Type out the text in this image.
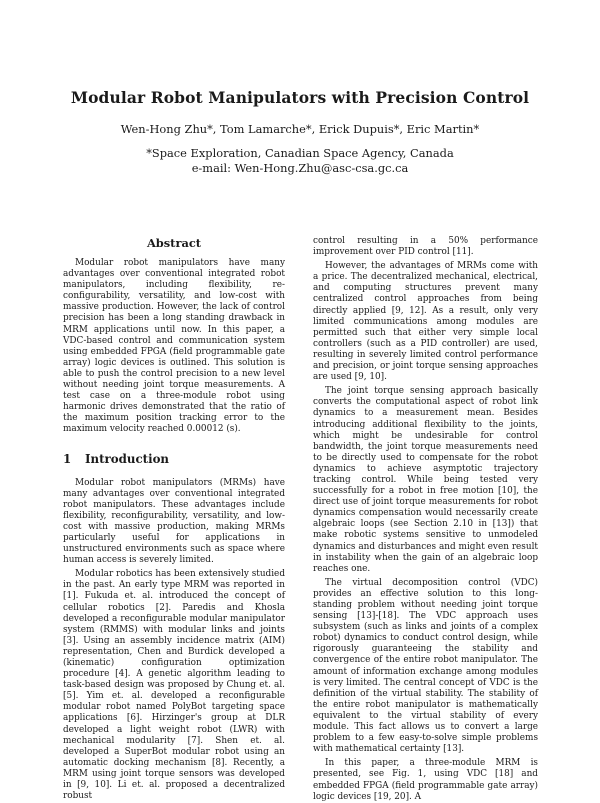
Modular Robot Manipulators with Precision Control
Wen-Hong Zhu*, Tom Lamarche*, Erick Dupuis*, Eric Martin*
*Space Exploration, Canadian Space Agency, Canada
e-mail: Wen-Hong.Zhu@asc-csa.gc.ca
Abstract

Modular robot manipulators have many advantages over conventional integrated robot manipulators, including flexibility, re-configurability, versatility, and low-cost with massive production. However, the lack of control precision has been a long standing drawback in MRM applications until now. In this paper, a VDC-based control and communication system using embedded FPGA (field programmable gate array) logic devices is outlined. This solution is able to push the control precision to a new level without needing joint torque measurements. A test case on a three-module robot using harmonic drives demonstrated that the ratio of the maximum position tracking error to the maximum velocity reached 0.00012 (s).

1 Introduction

Modular robot manipulators (MRMs) have many advantages over conventional integrated robot manipulators. These advantages include flexibility, reconfigurability, versatility, and low-cost with massive production, making MRMs particularly useful for applications in unstructured environments such as space where human access is severely limited.

Modular robotics has been extensively studied in the past. An early type MRM was reported in [1]. Fukuda et. al. introduced the concept of cellular robotics [2]. Paredis and Khosla developed a reconfigurable modular manipulator system (RMMS) with modular links and joints [3]. Using an assembly incidence matrix (AIM) representation, Chen and Burdick developed a (kinematic) configuration optimization procedure [4]. A genetic algorithm leading to task-based design was proposed by Chung et. al. [5]. Yim et. al. developed a reconfigurable modular robot named PolyBot targeting space applications [6]. Hirzinger's group at DLR developed a light weight robot (LWR) with mechanical modularity [7]. Shen et. al. developed a SuperBot modular robot using an automatic docking mechanism [8]. Recently, a MRM using joint torque sensors was developed in [9, 10]. Li et. al. proposed a decentralized robust

control resulting in a 50% performance improvement over PID control [11].

However, the advantages of MRMs come with a price. The decentralized mechanical, electrical, and computing structures prevent many centralized control approaches from being directly applied [9, 12]. As a result, only very limited communications among modules are permitted such that either very simple local controllers (such as a PID controller) are used, resulting in severely limited control performance and precision, or joint torque sensing approaches are used [9, 10].

The joint torque sensing approach basically converts the computational aspect of robot link dynamics to a measurement mean. Besides introducing additional flexibility to the joints, which might be undesirable for control bandwidth, the joint torque measurements need to be directly used to compensate for the robot dynamics to achieve asymptotic trajectory tracking control. While being tested very successfully for a robot in free motion [10], the direct use of joint torque measurements for robot dynamics compensation would necessarily create algebraic loops (see Section 2.10 in [13]) that make robotic systems sensitive to unmodeled dynamics and disturbances and might even result in instability when the gain of an algebraic loop reaches one.

The virtual decomposition control (VDC) provides an effective solution to this long-standing problem without needing joint torque sensing [13]-[18]. The VDC approach uses subsystem (such as links and joints of a complex robot) dynamics to conduct control design, while rigorously guaranteeing the stability and convergence of the entire robot manipulator. The amount of information exchange among modules is very limited. The central concept of VDC is the definition of the virtual stability. The stability of the entire robot manipulator is mathematically equivalent to the virtual stability of every module. This fact allows us to convert a large problem to a few easy-to-solve simple problems with mathematical certainty [13].

In this paper, a three-module MRM is presented, see Fig. 1, using VDC [18] and embedded FPGA (field programmable gate array) logic devices [19, 20]. A
